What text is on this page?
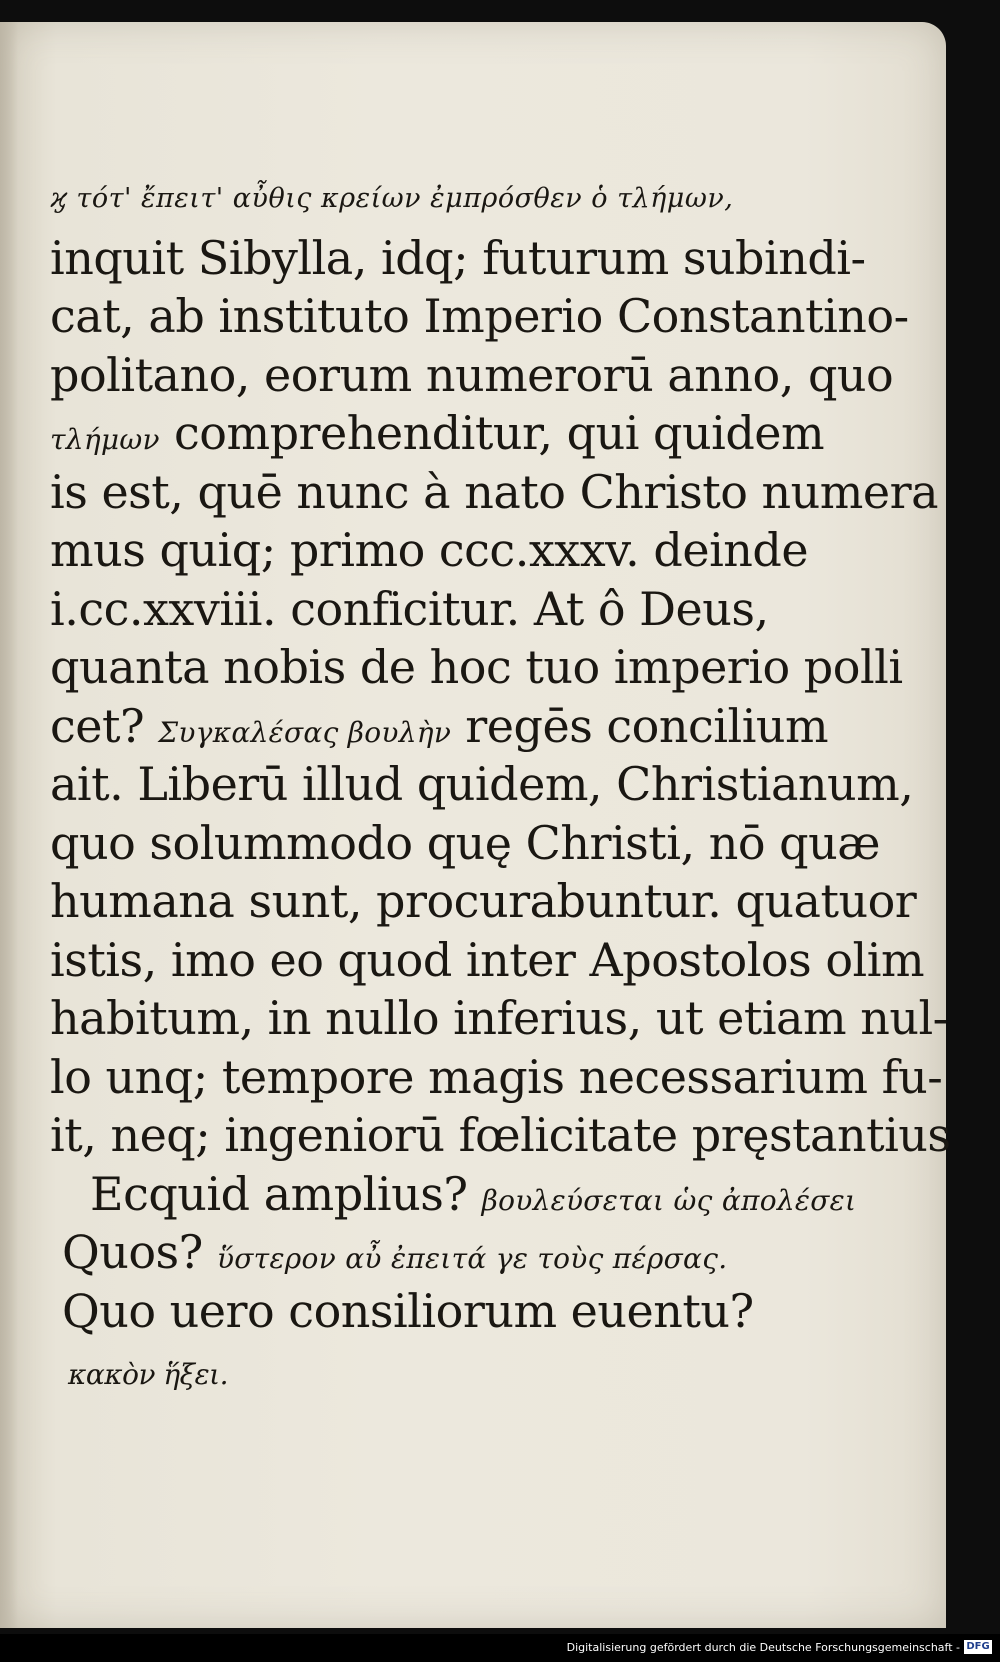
ϗ τότ' ἔπειτ' αὖθις κρείων ἐμπρόσθεν ὁ τλήμων,
inquit Sibylla, idq; futurum subindi-
cat, ab instituto Imperio Constantino-
politano, eorum numerorū anno, quo
τλήμων comprehenditur, qui quidem
is est, quē nunc à nato Christo numera
mus quiq; primo ccc.xxxv. deinde
i.cc.xxviii. conficitur. At ô Deus,
quanta nobis de hoc tuo imperio polli
cet? Συγκαλέσας βουλὴν regēs concilium
ait. Liberū illud quidem, Christianum,
quo solummodo quę Christi, nō quæ
humana sunt, procurabuntur. quatuor
istis, imo eo quod inter Apostolos olim
habitum, in nullo inferius, ut etiam nul-
lo unq; tempore magis necessarium fu-
it, neq; ingeniorū fœlicitate pręstantius
Ecquid amplius? βουλεύσεται ὡς ἀπολέσει
Quos? ὕστερον αὖ ἐπειτά γε τοὺς πέρσας.
Quo uero consiliorum euentu?
κακὸν ἥξει.
Digitalisierung gefördert durch die Deutsche Forschungsgemeinschaft - DFG
